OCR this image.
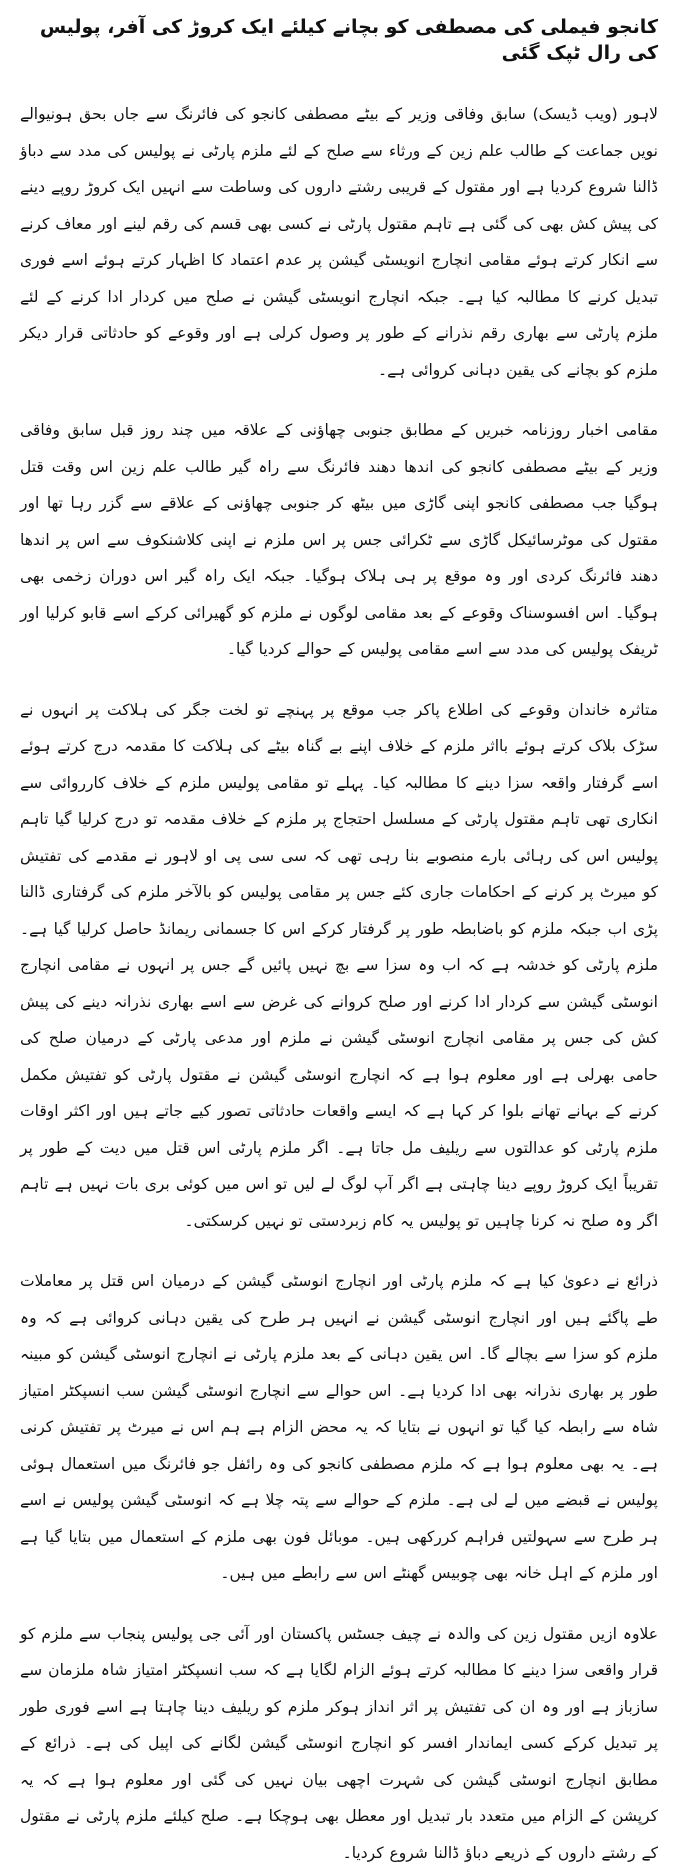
کانجو فیملی کی مصطفی کو بچانے کیلئے ایک کروڑ کی آفر، پولیس کی رال ٹپک گئی

لاہور (ویب ڈیسک) سابق وفاقی وزیر کے بیٹے مصطفی کانجو کی فائرنگ سے جاں بحق ہونیوالے نویں جماعت کے طالب علم زین کے ورثاء سے صلح کے لئے ملزم پارٹی نے پولیس کی مدد سے دباؤ ڈالنا شروع کردیا ہے اور مقتول کے قریبی رشتے داروں کی وساطت سے انہیں ایک کروڑ روپے دینے کی پیش کش بھی کی گئی ہے تاہم مقتول پارٹی نے کسی بھی قسم کی رقم لینے اور معاف کرنے سے انکار کرتے ہوئے مقامی انچارج انویسٹی گیشن پر عدم اعتماد کا اظہار کرتے ہوئے اسے فوری تبدیل کرنے کا مطالبہ کیا ہے۔ جبکہ انچارج انویسٹی گیشن نے صلح میں کردار ادا کرنے کے لئے ملزم پارٹی سے بھاری رقم نذرانے کے طور پر وصول کرلی ہے اور وقوعے کو حادثاتی قرار دیکر ملزم کو بچانے کی یقین دہانی کروائی ہے۔

مقامی اخبار روزنامہ خبریں کے مطابق جنوبی چھاؤنی کے علاقہ میں چند روز قبل سابق وفاقی وزیر کے بیٹے مصطفی کانجو کی اندھا دھند فائرنگ سے راہ گیر طالب علم زین اس وقت قتل ہوگیا جب مصطفی کانجو اپنی گاڑی میں بیٹھ کر جنوبی چھاؤنی کے علاقے سے گزر رہا تھا اور مقتول کی موٹرسائیکل گاڑی سے ٹکرائی جس پر اس ملزم نے اپنی کلاشنکوف سے اس پر اندھا دھند فائرنگ کردی اور وہ موقع پر ہی ہلاک ہوگیا۔ جبکہ ایک راہ گیر اس دوران زخمی بھی ہوگیا۔ اس افسوسناک وقوعے کے بعد مقامی لوگوں نے ملزم کو گھیرائی کرکے اسے قابو کرلیا اور ٹریفک پولیس کی مدد سے اسے مقامی پولیس کے حوالے کردیا گیا۔

متاثرہ خاندان وقوعے کی اطلاع پاکر جب موقع پر پہنچے تو لخت جگر کی ہلاکت پر انہوں نے سڑک بلاک کرتے ہوئے بااثر ملزم کے خلاف اپنے بے گناہ بیٹے کی ہلاکت کا مقدمہ درج کرتے ہوئے اسے گرفتار واقعہ سزا دینے کا مطالبہ کیا۔ پہلے تو مقامی پولیس ملزم کے خلاف کارروائی سے انکاری تھی تاہم مقتول پارٹی کے مسلسل احتجاج پر ملزم کے خلاف مقدمہ تو درج کرلیا گیا تاہم پولیس اس کی رہائی بارے منصوبے بنا رہی تھی کہ سی سی پی او لاہور نے مقدمے کی تفتیش کو میرٹ پر کرنے کے احکامات جاری کئے جس پر مقامی پولیس کو بالآخر ملزم کی گرفتاری ڈالنا پڑی اب جبکہ ملزم کو باضابطہ طور پر گرفتار کرکے اس کا جسمانی ریمانڈ حاصل کرلیا گیا ہے۔ ملزم پارٹی کو خدشہ ہے کہ اب وہ سزا سے بچ نہیں پائیں گے جس پر انہوں نے مقامی انچارج انوسٹی گیشن سے کردار ادا کرنے اور صلح کروانے کی غرض سے اسے بھاری نذرانہ دینے کی پیش کش کی جس پر مقامی انچارج انوسٹی گیشن نے ملزم اور مدعی پارٹی کے درمیان صلح کی حامی بھرلی ہے اور معلوم ہوا ہے کہ انچارج انوسٹی گیشن نے مقتول پارٹی کو تفتیش مکمل کرنے کے بہانے تھانے بلوا کر کہا ہے کہ ایسے واقعات حادثاتی تصور کیے جاتے ہیں اور اکثر اوقات ملزم پارٹی کو عدالتوں سے ریلیف مل جاتا ہے۔ اگر ملزم پارٹی اس قتل میں دیت کے طور پر تقریباً ایک کروڑ روپے دینا چاہتی ہے اگر آپ لوگ لے لیں تو اس میں کوئی بری بات نہیں ہے تاہم اگر وہ صلح نہ کرنا چاہیں تو پولیس یہ کام زبردستی تو نہیں کرسکتی۔

ذرائع نے دعویٰ کیا ہے کہ ملزم پارٹی اور انچارج انوسٹی گیشن کے درمیان اس قتل پر معاملات طے پاگئے ہیں اور انچارج انوسٹی گیشن نے انہیں ہر طرح کی یقین دہانی کروائی ہے کہ وہ ملزم کو سزا سے بچالے گا۔ اس یقین دہانی کے بعد ملزم پارٹی نے انچارج انوسٹی گیشن کو مبینہ طور پر بھاری نذرانہ بھی ادا کردیا ہے۔ اس حوالے سے انچارج انوسٹی گیشن سب انسپکٹر امتیاز شاہ سے رابطہ کیا گیا تو انہوں نے بتایا کہ یہ محض الزام ہے ہم اس نے میرٹ پر تفتیش کرنی ہے۔ یہ بھی معلوم ہوا ہے کہ ملزم مصطفی کانجو کی وہ رائفل جو فائرنگ میں استعمال ہوئی پولیس نے قبضے میں لے لی ہے۔ ملزم کے حوالے سے پتہ چلا ہے کہ انوسٹی گیشن پولیس نے اسے ہر طرح سے سہولتیں فراہم کررکھی ہیں۔ موبائل فون بھی ملزم کے استعمال میں بتایا گیا ہے اور ملزم کے اہل خانہ بھی چوبیس گھنٹے اس سے رابطے میں ہیں۔

علاوہ ازیں مقتول زین کی والدہ نے چیف جسٹس پاکستان اور آئی جی پولیس پنجاب سے ملزم کو قرار واقعی سزا دینے کا مطالبہ کرتے ہوئے الزام لگایا ہے کہ سب انسپکٹر امتیاز شاہ ملزمان سے سازباز ہے اور وہ ان کی تفتیش پر اثر انداز ہوکر ملزم کو ریلیف دینا چاہتا ہے اسے فوری طور پر تبدیل کرکے کسی ایماندار افسر کو انچارج انوسٹی گیشن لگانے کی اپیل کی ہے۔ ذرائع کے مطابق انچارج انوسٹی گیشن کی شہرت اچھی بیان نہیں کی گئی اور معلوم ہوا ہے کہ یہ کرپشن کے الزام میں متعدد بار تبدیل اور معطل بھی ہوچکا ہے۔ صلح کیلئے ملزم پارٹی نے مقتول کے رشتے داروں کے ذریعے دباؤ ڈالنا شروع کردیا۔
